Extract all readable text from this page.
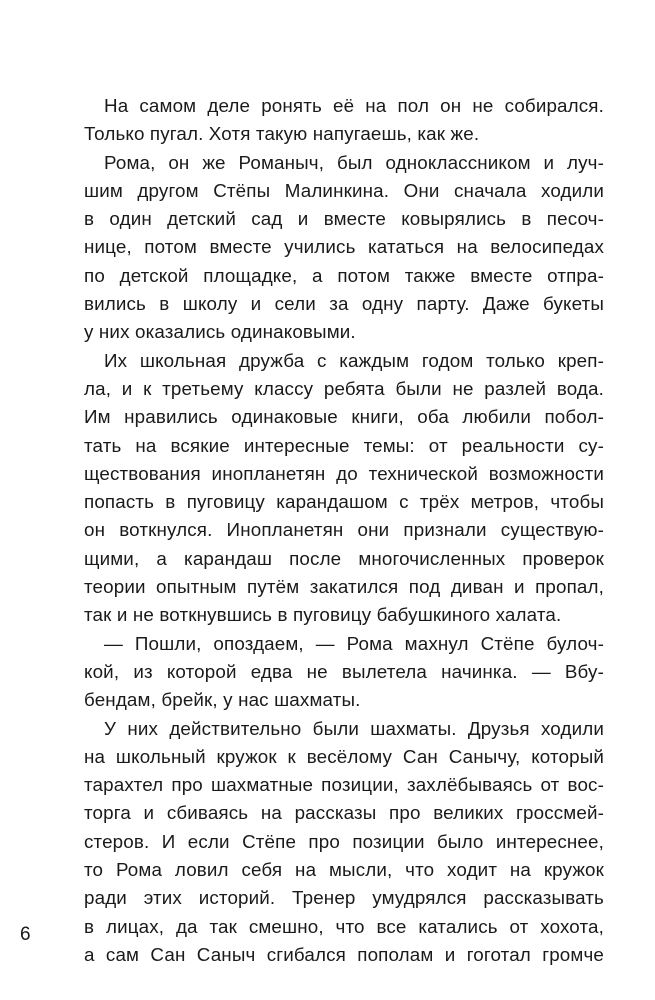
На самом деле ронять её на пол он не собирался.
Только пугал. Хотя такую напугаешь, как же.
Рома, он же Романыч, был одноклассником и луч-
шим другом Стёпы Малинкина. Они сначала ходили
в один детский сад и вместе ковырялись в песоч-
нице, потом вместе учились кататься на велосипедах
по детской площадке, а потом также вместе отпра-
вились в школу и сели за одну парту. Даже букеты
у них оказались одинаковыми.
Их школьная дружба с каждым годом только креп-
ла, и к третьему классу ребята были не разлей вода.
Им нравились одинаковые книги, оба любили побол-
тать на всякие интересные темы: от реальности су-
ществования инопланетян до технической возможности
попасть в пуговицу карандашом с трёх метров, чтобы
он воткнулся. Инопланетян они признали существую-
щими, а карандаш после многочисленных проверок
теории опытным путём закатился под диван и пропал,
так и не воткнувшись в пуговицу бабушкиного халата.
— Пошли, опоздаем, — Рома махнул Стёпе булоч-
кой, из которой едва не вылетела начинка. — Вбу-
бендам, брейк, у нас шахматы.
У них действительно были шахматы. Друзья ходили
на школьный кружок к весёлому Сан Санычу, который
тарахтел про шахматные позиции, захлёбываясь от вос-
торга и сбиваясь на рассказы про великих гроссмей-
стеров. И если Стёпе про позиции было интереснее,
то Рома ловил себя на мысли, что ходит на кружок
ради этих историй. Тренер умудрялся рассказывать
в лицах, да так смешно, что все катались от хохота,
а сам Сан Саныч сгибался пополам и гоготал громче
6
